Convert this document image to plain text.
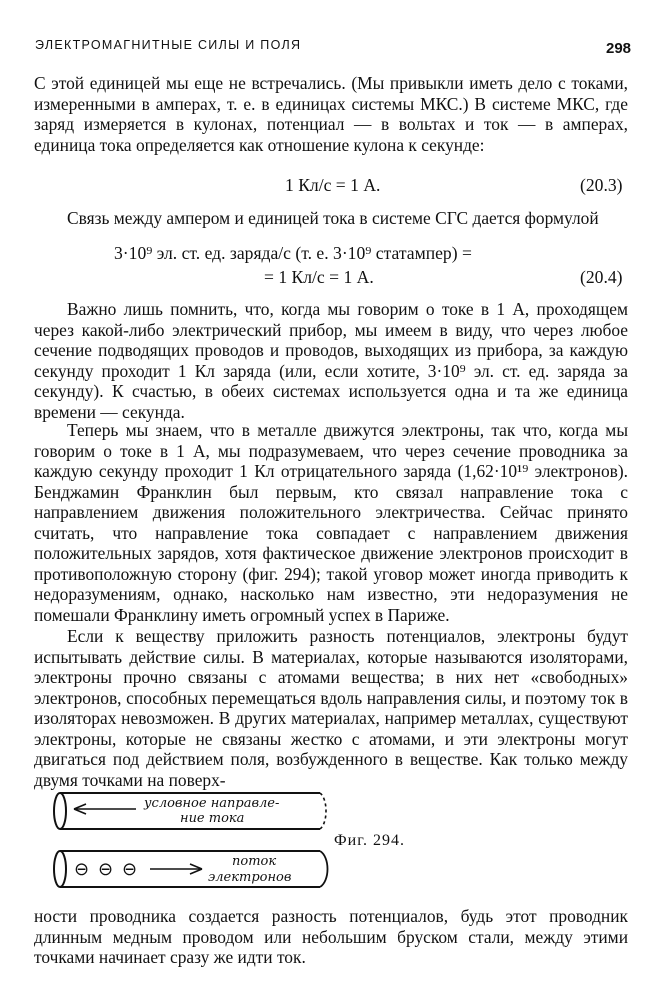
ЭЛЕКТРОМАГНИТНЫЕ СИЛЫ И ПОЛЯ	298

С этой единицей мы еще не встречались. (Мы привыкли иметь дело с токами, измеренными в амперах, т. е. в единицах системы МКС.) В системе МКС, где заряд измеряется в кулонах, потенциал — в вольтах и ток — в амперах, единица тока определяется как отношение кулона к секунде:

1 Кл/с = 1 А.	(20.3)

Связь между ампером и единицей тока в системе СГС дается формулой

3·10⁹ эл. ст. ед. заряда/с (т. е. 3·10⁹ статампер) =
= 1 Кл/с = 1 А.	(20.4)

Важно лишь помнить, что, когда мы говорим о токе в 1 А, проходящем через какой-либо электрический прибор, мы имеем в виду, что через любое сечение подводящих проводов и проводов, выходящих из прибора, за каждую секунду проходит 1 Кл заряда (или, если хотите, 3·10⁹ эл. ст. ед. заряда за секунду). К счастью, в обеих системах используется одна и та же единица времени — секунда.

Теперь мы знаем, что в металле движутся электроны, так что, когда мы говорим о токе в 1 А, мы подразумеваем, что через сечение проводника за каждую секунду проходит 1 Кл отрицательного заряда (1,62·10¹⁹ электронов). Бенджамин Франклин был первым, кто связал направление тока с направлением движения положительного электричества. Сейчас принято считать, что направление тока совпадает с направлением движения положительных зарядов, хотя фактическое движение электронов происходит в противоположную сторону (фиг. 294); такой уговор может иногда приводить к недоразумениям, однако, насколько нам известно, эти недоразумения не помешали Франклину иметь огромный успех в Париже.

Если к веществу приложить разность потенциалов, электроны будут испытывать действие силы. В материалах, которые называются изоляторами, электроны прочно связаны с атомами вещества; в них нет «свободных» электронов, способных перемещаться вдоль направления силы, и поэтому ток в изоляторах невозможен. В других материалах, например металлах, существуют электроны, которые не связаны жестко с атомами, и эти электроны могут двигаться под действием поля, возбужденного в веществе. Как только между двумя точками на поверх-

условное направле-
ние тока
⊖ ⊖ ⊖	поток
электронов
Фиг. 294.

ности проводника создается разность потенциалов, будь этот проводник длинным медным проводом или небольшим бруском стали, между этими точками начинает сразу же идти ток.
